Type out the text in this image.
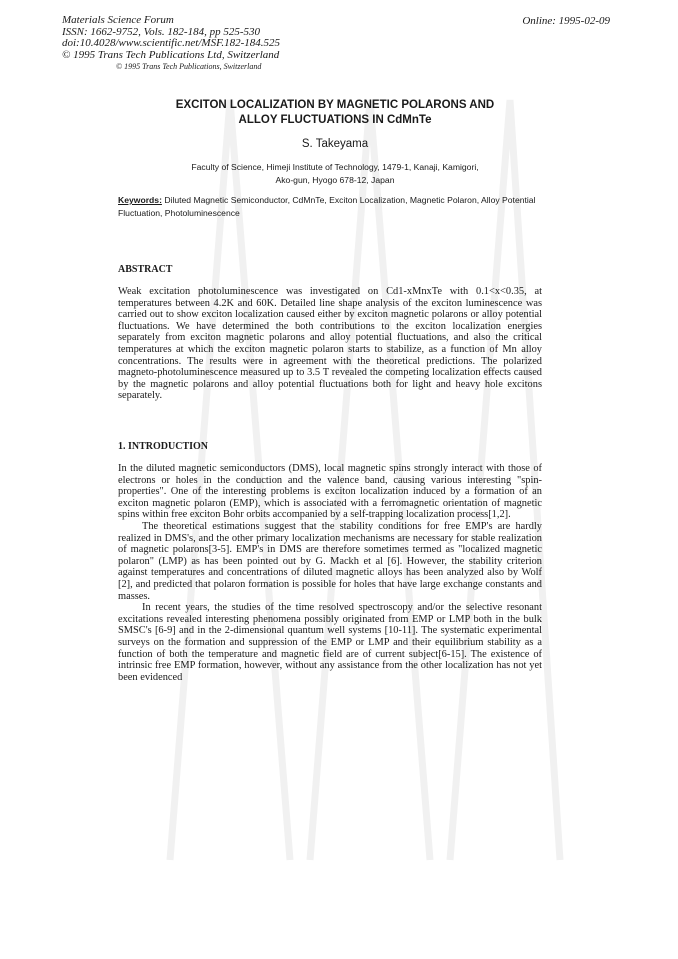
Materials Science Forum
ISSN: 1662-9752, Vols. 182-184, pp 525-530
doi:10.4028/www.scientific.net/MSF.182-184.525
© 1995 Trans Tech Publications Ltd, Switzerland
© 1995 Trans Tech Publications, Switzerland
Online: 1995-02-09
EXCITON LOCALIZATION BY MAGNETIC POLARONS AND
ALLOY FLUCTUATIONS IN CdMnTe
S. Takeyama
Faculty of Science, Himeji Institute of Technology, 1479-1, Kanaji, Kamigori,
Ako-gun, Hyogo 678-12, Japan
Keywords: Diluted Magnetic Semiconductor, CdMnTe, Exciton Localization, Magnetic Polaron, Alloy Potential Fluctuation, Photoluminescence
ABSTRACT

Weak excitation photoluminescence was investigated on Cd1-xMnxTe with 0.1<x<0.35, at temperatures between 4.2K and 60K. Detailed line shape analysis of the exciton luminescence was carried out to show exciton localization caused either by exciton magnetic polarons or alloy potential fluctuations. We have determined the both contributions to the exciton localization energies separately from exciton magnetic polarons and alloy potential fluctuations, and also the critical temperatures at which the exciton magnetic polaron starts to stabilize, as a function of Mn alloy concentrations. The results were in agreement with the theoretical predictions. The polarized magneto-photoluminescence measured up to 3.5 T revealed the competing localization effects caused by the magnetic polarons and alloy potential fluctuations both for light and heavy hole excitons separately.

1. INTRODUCTION

In the diluted magnetic semiconductors (DMS), local magnetic spins strongly interact with those of electrons or holes in the conduction and the valence band, causing various interesting "spin-properties". One of the interesting problems is exciton localization induced by a formation of an exciton magnetic polaron (EMP), which is associated with a ferromagnetic orientation of magnetic spins within free exciton Bohr orbits accompanied by a self-trapping localization process[1,2].

The theoretical estimations suggest that the stability conditions for free EMP's are hardly realized in DMS's, and the other primary localization mechanisms are necessary for stable realization of magnetic polarons[3-5]. EMP's in DMS are therefore sometimes termed as "localized magnetic polaron" (LMP) as has been pointed out by G. Mackh et al [6]. However, the stability criterion against temperatures and concentrations of diluted magnetic alloys has been analyzed also by Wolf [2], and predicted that polaron formation is possible for holes that have large exchange constants and masses.

In recent years, the studies of the time resolved spectroscopy and/or the selective resonant excitations revealed interesting phenomena possibly originated from EMP or LMP both in the bulk SMSC's [6-9] and in the 2-dimensional quantum well systems [10-11]. The systematic experimental surveys on the formation and suppression of the EMP or LMP and their equilibrium stability as a function of both the temperature and magnetic field are of current subject[6-15]. The existence of intrinsic free EMP formation, however, without any assistance from the other localization has not yet been evidenced
